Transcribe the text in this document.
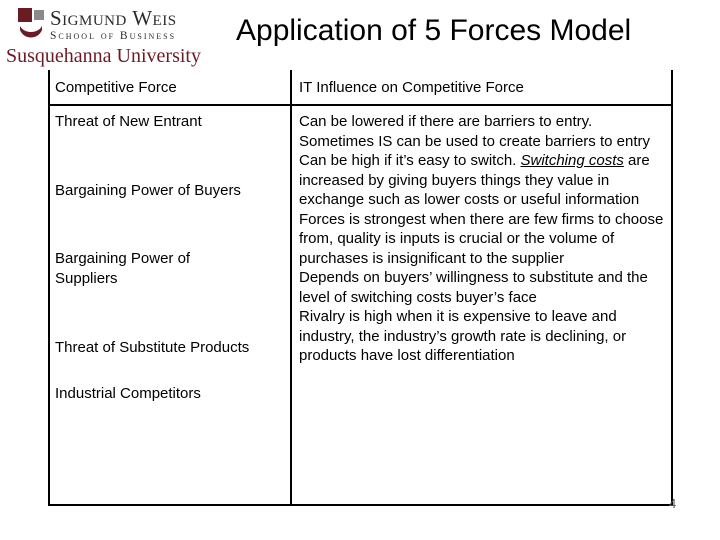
Sigmund Weis
School of Business
Susquehanna University
Application of 5 Forces Model
Competitive Force	IT Influence on Competitive Force
Threat of New Entrant
Bargaining Power of Buyers
Bargaining Power of Suppliers
Threat of Substitute Products
Industrial Competitors

Can be lowered if there are barriers to entry. Sometimes IS can be used to create barriers to entry

Can be high if it’s easy to switch. Switching costs are increased by giving buyers things they value in exchange such as lower costs or useful information

Forces is strongest when there are few firms to choose from, quality is inputs is crucial or the volume of purchases is insignificant to the supplier

Depends on buyers’ willingness to substitute and the level of switching costs buyer’s face

Rivalry is high when it is expensive to leave and industry, the industry’s growth rate is declining, or products have lost differentiation

4
